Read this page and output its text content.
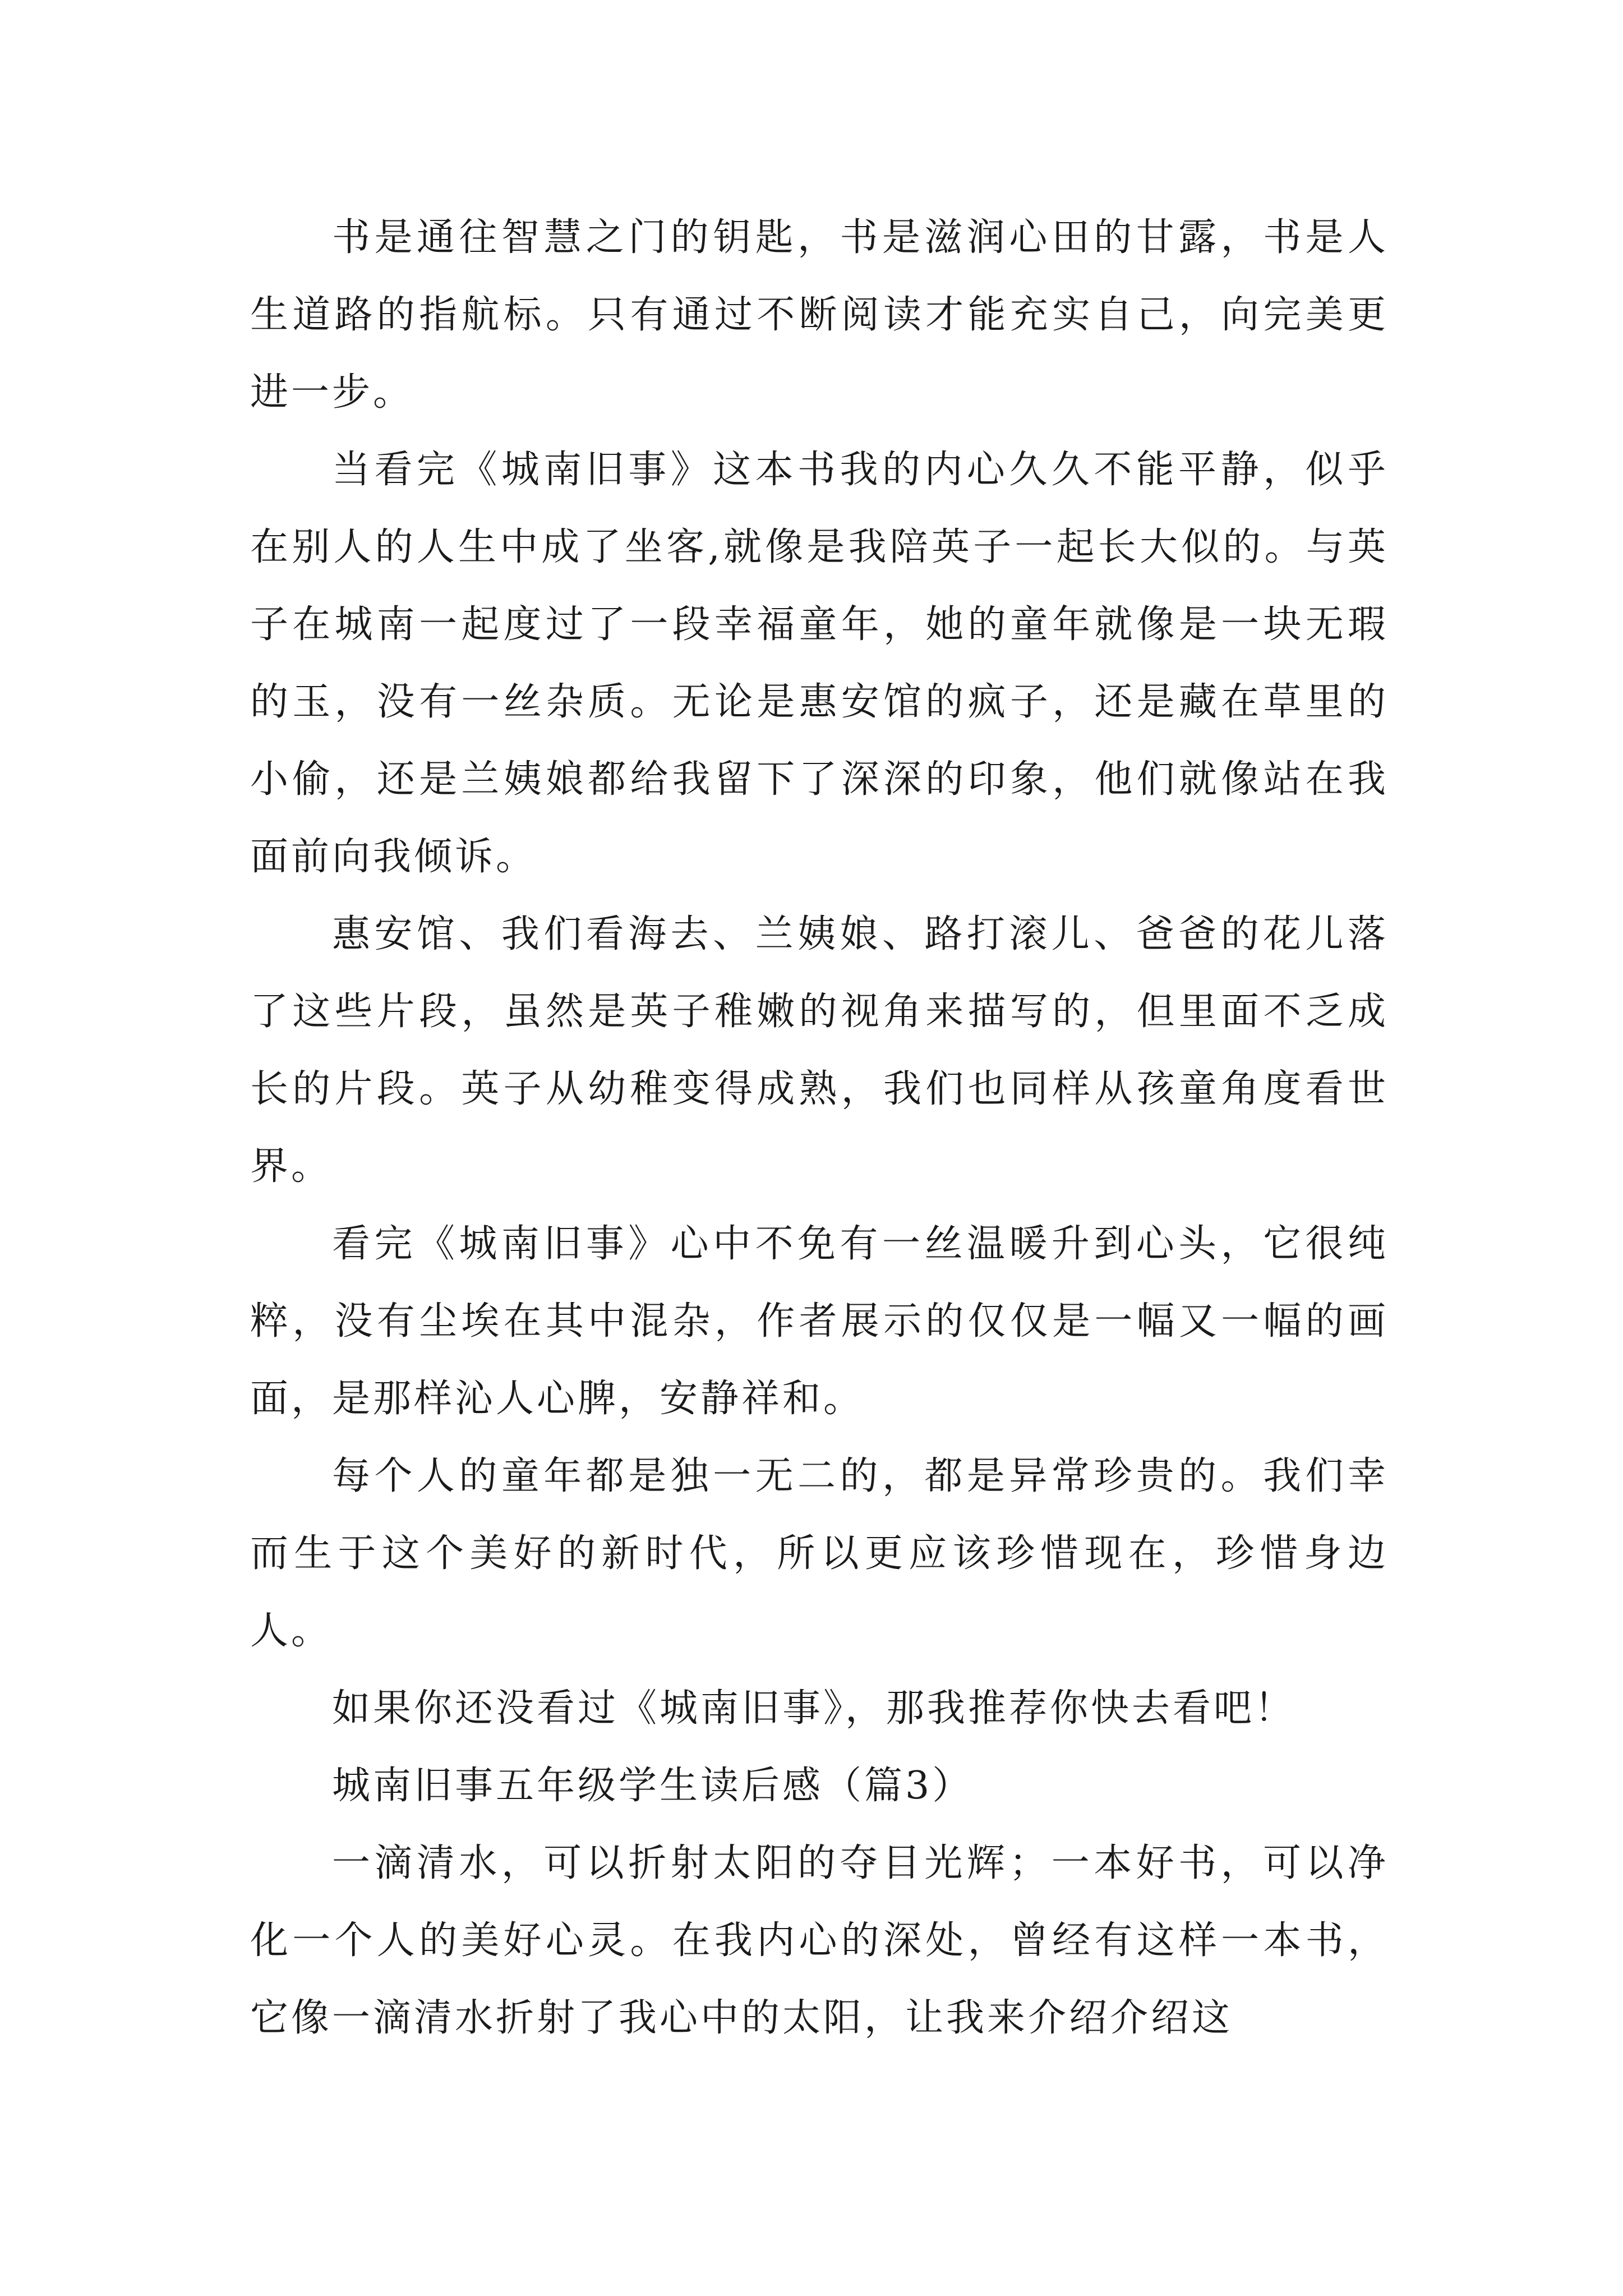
书是通往智慧之门的钥匙，书是滋润心田的甘露，书是人生道路的指航标。只有通过不断阅读才能充实自己，向完美更进一步。

当看完《城南旧事》这本书我的内心久久不能平静，似乎在别人的人生中成了坐客,就像是我陪英子一起长大似的。与英子在城南一起度过了一段幸福童年，她的童年就像是一块无瑕的玉，没有一丝杂质。无论是惠安馆的疯子，还是藏在草里的小偷，还是兰姨娘都给我留下了深深的印象，他们就像站在我面前向我倾诉。

惠安馆、我们看海去、兰姨娘、路打滚儿、爸爸的花儿落了这些片段，虽然是英子稚嫩的视角来描写的，但里面不乏成长的片段。英子从幼稚变得成熟，我们也同样从孩童角度看世界。

看完《城南旧事》心中不免有一丝温暖升到心头，它很纯粹，没有尘埃在其中混杂，作者展示的仅仅是一幅又一幅的画面，是那样沁人心脾，安静祥和。

每个人的童年都是独一无二的，都是异常珍贵的。我们幸而生于这个美好的新时代，所以更应该珍惜现在，珍惜身边人。

如果你还没看过《城南旧事》，那我推荐你快去看吧！

城南旧事五年级学生读后感（篇3）

一滴清水，可以折射太阳的夺目光辉；一本好书，可以净化一个人的美好心灵。在我内心的深处，曾经有这样一本书，它像一滴清水折射了我心中的太阳，让我来介绍介绍这
